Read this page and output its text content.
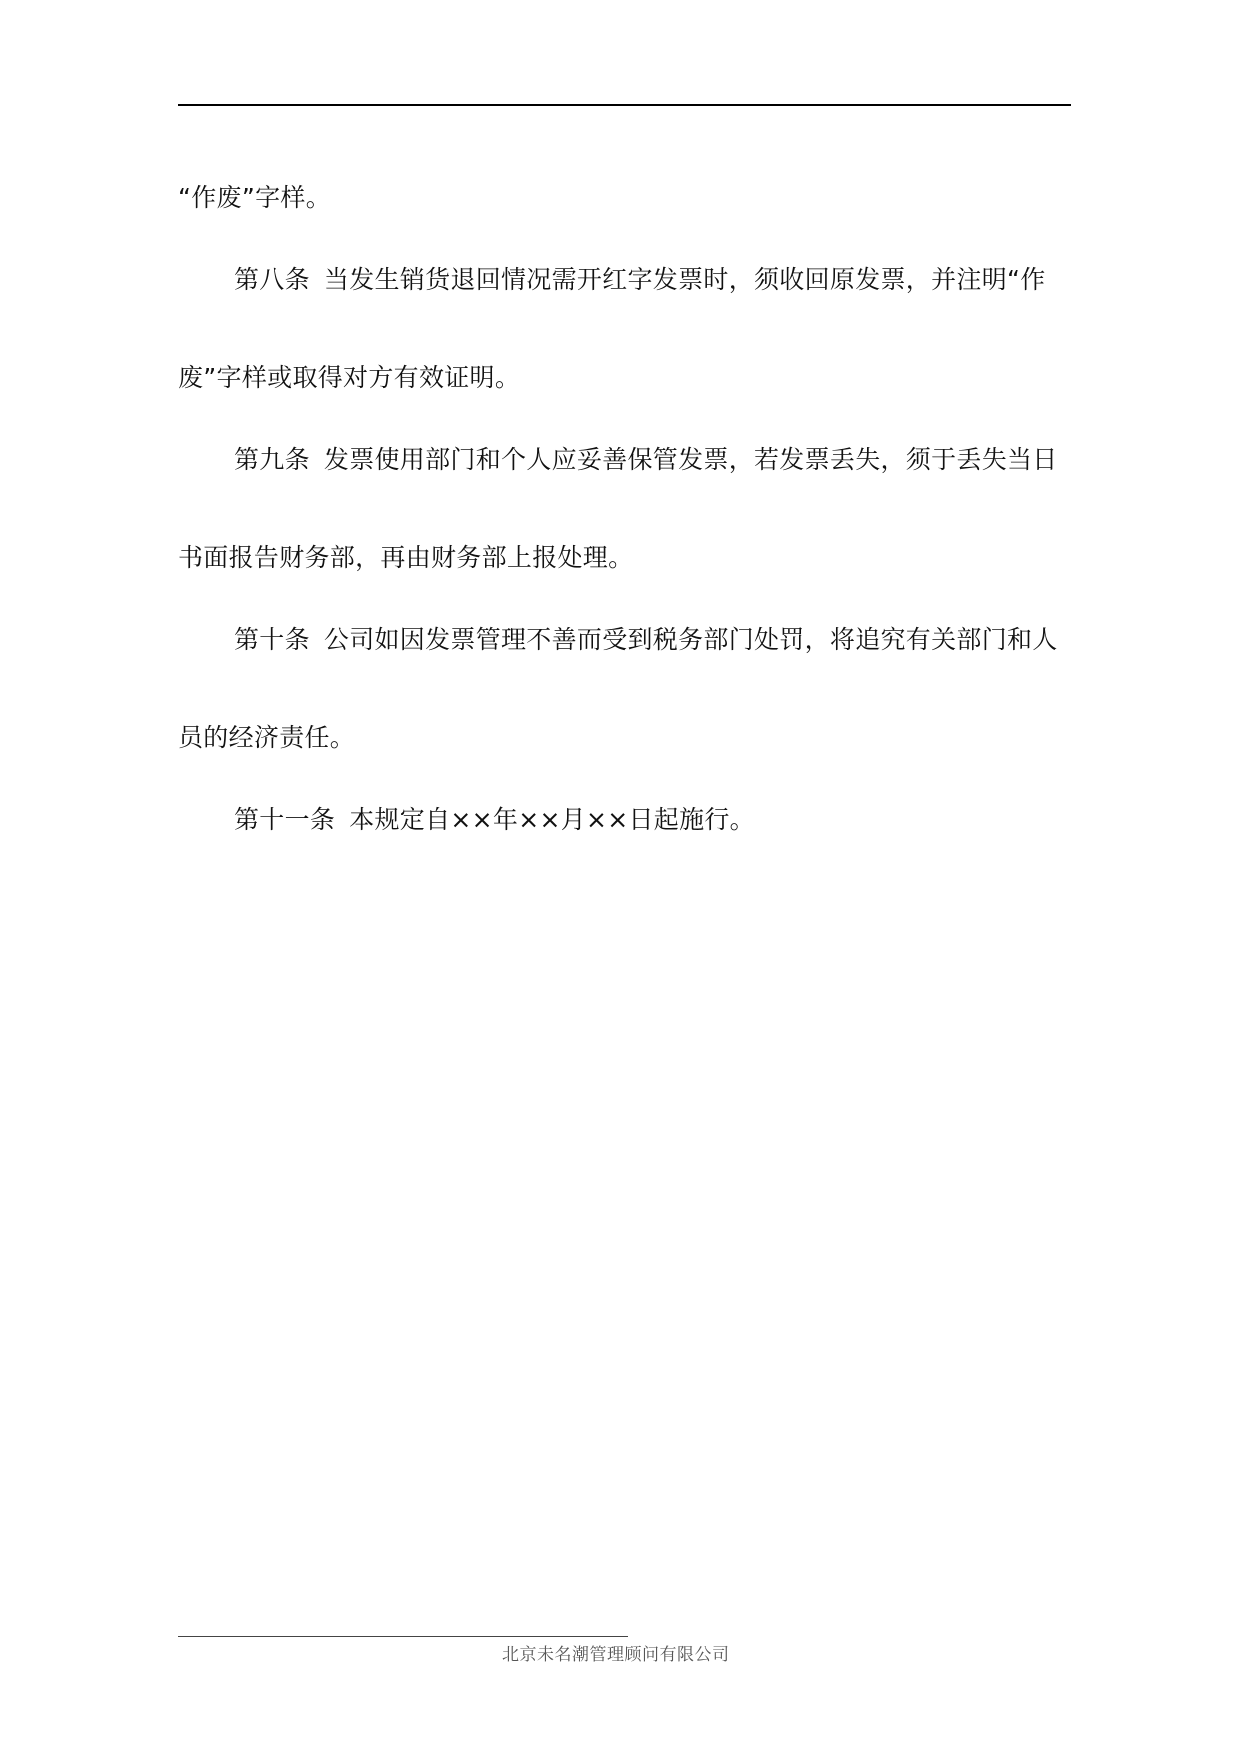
“作废”字样。
第八条 当发生销货退回情况需开红字发票时，须收回原发票，并注明“作
废”字样或取得对方有效证明。
第九条 发票使用部门和个人应妥善保管发票，若发票丢失，须于丢失当日
书面报告财务部，再由财务部上报处理。
第十条 公司如因发票管理不善而受到税务部门处罚，将追究有关部门和人
员的经济责任。
第十一条 本规定自××年××月××日起施行。
北京未名潮管理顾问有限公司
